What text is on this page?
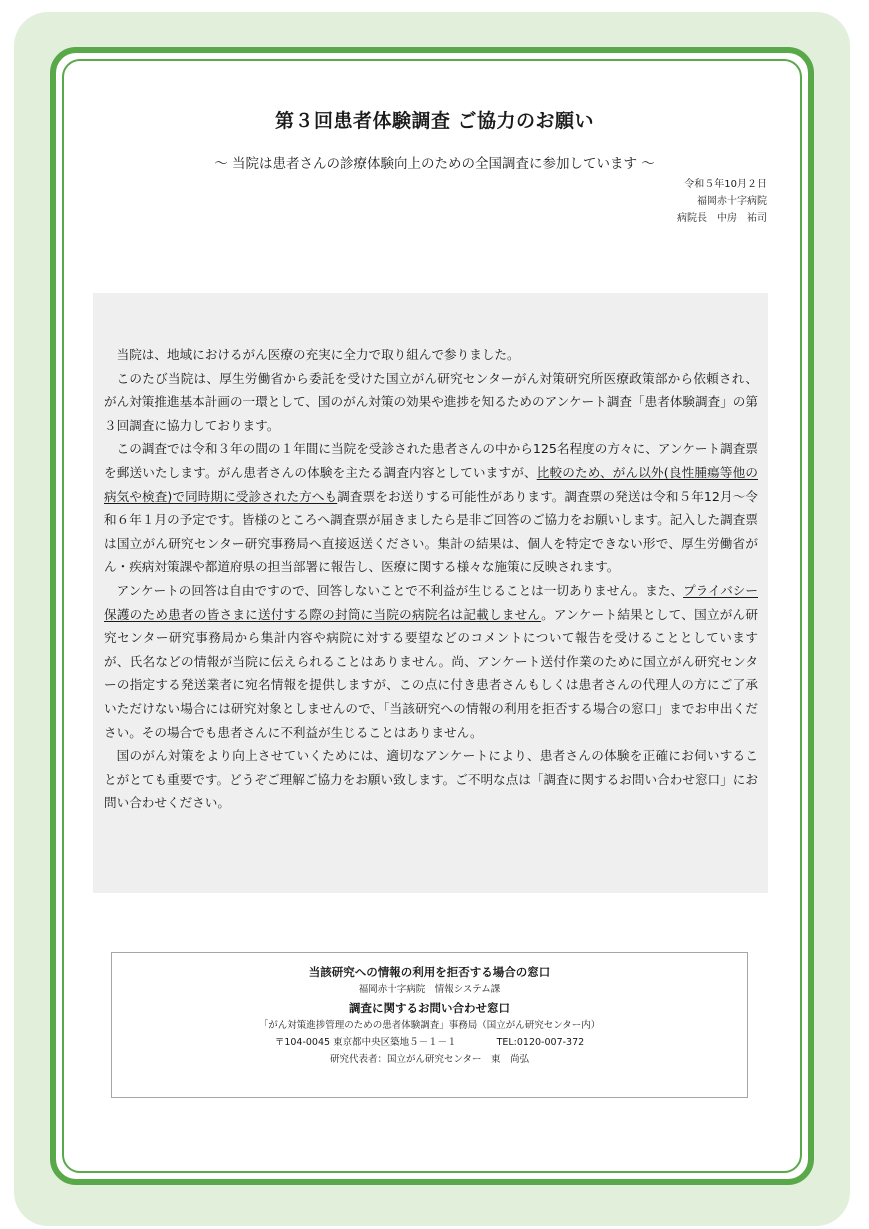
第３回患者体験調査 ご協力のお願い

～ 当院は患者さんの診療体験向上のための全国調査に参加しています ～

令和５年10月２日
福岡赤十字病院
病院長　中房　祐司

当院は、地域におけるがん医療の充実に全力で取り組んで参りました。

このたび当院は、厚生労働省から委託を受けた国立がん研究センターがん対策研究所医療政策部から依頼され、がん対策推進基本計画の一環として、国のがん対策の効果や進捗を知るためのアンケート調査「患者体験調査」の第３回調査に協力しております。

この調査では令和３年の間の１年間に当院を受診された患者さんの中から125名程度の方々に、アンケート調査票を郵送いたします。がん患者さんの体験を主たる調査内容としていますが、比較のため、がん以外(良性腫瘍等他の病気や検査)で同時期に受診された方へも調査票をお送りする可能性があります。調査票の発送は令和５年12月～令和６年１月の予定です。皆様のところへ調査票が届きましたら是非ご回答のご協力をお願いします。記入した調査票は国立がん研究センター研究事務局へ直接返送ください。集計の結果は、個人を特定できない形で、厚生労働省がん・疾病対策課や都道府県の担当部署に報告し、医療に関する様々な施策に反映されます。

アンケートの回答は自由ですので、回答しないことで不利益が生じることは一切ありません。また、プライバシー保護のため患者の皆さまに送付する際の封筒に当院の病院名は記載しません。アンケート結果として、国立がん研究センター研究事務局から集計内容や病院に対する要望などのコメントについて報告を受けることとしていますが、氏名などの情報が当院に伝えられることはありません。尚、アンケート送付作業のために国立がん研究センターの指定する発送業者に宛名情報を提供しますが、この点に付き患者さんもしくは患者さんの代理人の方にご了承いただけない場合には研究対象としませんので、「当該研究への情報の利用を拒否する場合の窓口」までお申出ください。その場合でも患者さんに不利益が生じることはありません。

国のがん対策をより向上させていくためには、適切なアンケートにより、患者さんの体験を正確にお伺いすることがとても重要です。どうぞご理解ご協力をお願い致します。ご不明な点は「調査に関するお問い合わせ窓口」にお問い合わせください。

当該研究への情報の利用を拒否する場合の窓口
福岡赤十字病院　情報システム課
調査に関するお問い合わせ窓口
「がん対策進捗管理のための患者体験調査」事務局（国立がん研究センター内）
〒104-0045 東京都中央区築地５－１－１	TEL:0120-007-372
研究代表者：国立がん研究センター　東　尚弘
